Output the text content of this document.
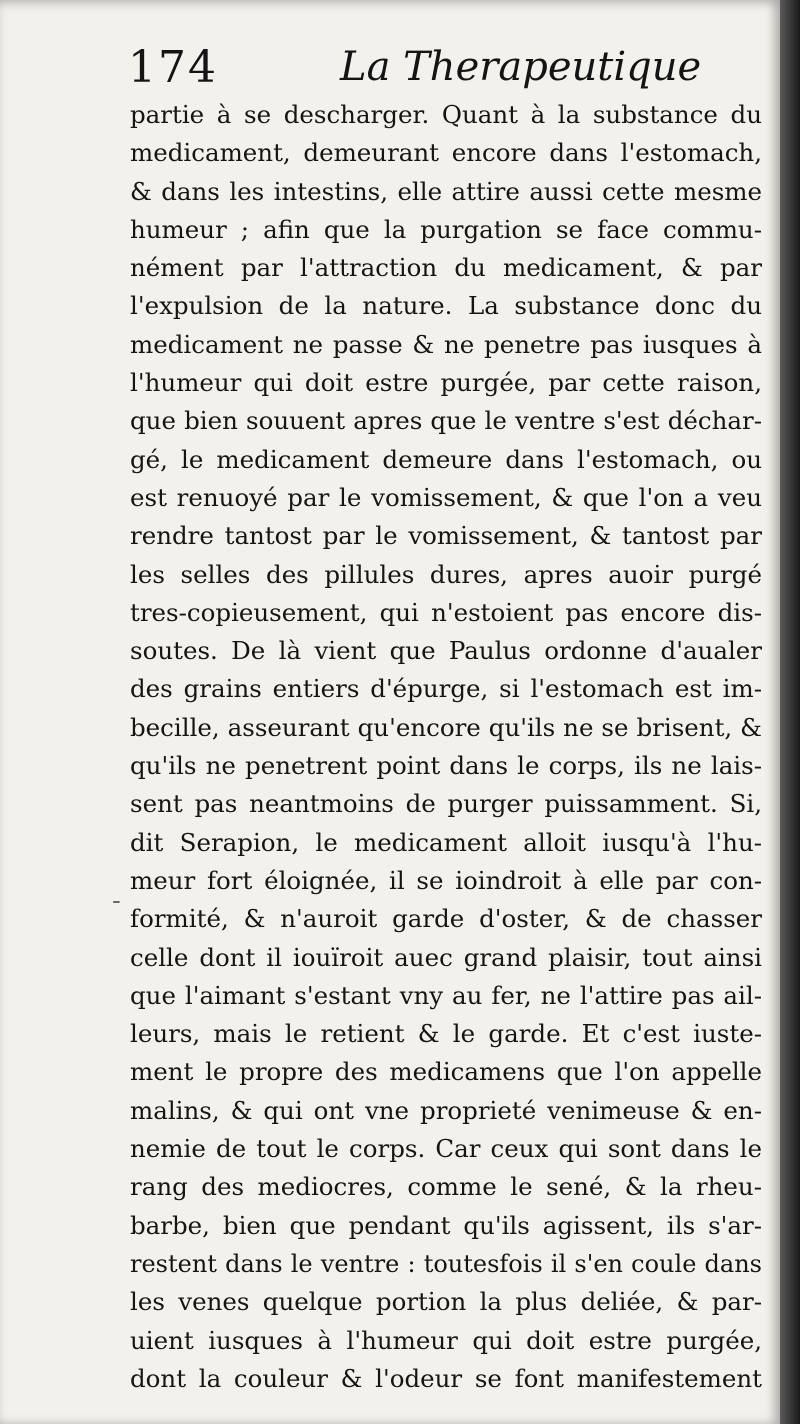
174	La Therapeutique
-
partie à se descharger. Quant à la substance du
medicament, demeurant encore dans l'estomach,
& dans les intestins, elle attire aussi cette mesme
humeur ; afin que la purgation se face commu-
nément par l'attraction du medicament, & par
l'expulsion de la nature. La substance donc du
medicament ne passe & ne penetre pas iusques à
l'humeur qui doit estre purgée, par cette raison,
que bien souuent apres que le ventre s'est déchar-
gé, le medicament demeure dans l'estomach, ou
est renuoyé par le vomissement, & que l'on a veu
rendre tantost par le vomissement, & tantost par
les selles des pillules dures, apres auoir purgé
tres-copieusement, qui n'estoient pas encore dis-
soutes. De là vient que Paulus ordonne d'aualer
des grains entiers d'épurge, si l'estomach est im-
becille, asseurant qu'encore qu'ils ne se brisent, &
qu'ils ne penetrent point dans le corps, ils ne lais-
sent pas neantmoins de purger puissamment. Si,
dit Serapion, le medicament alloit iusqu'à l'hu-
meur fort éloignée, il se ioindroit à elle par con-
formité, & n'auroit garde d'oster, & de chasser
celle dont il iouïroit auec grand plaisir, tout ainsi
que l'aimant s'estant vny au fer, ne l'attire pas ail-
leurs, mais le retient & le garde. Et c'est iuste-
ment le propre des medicamens que l'on appelle
malins, & qui ont vne proprieté venimeuse & en-
nemie de tout le corps. Car ceux qui sont dans le
rang des mediocres, comme le sené, & la rheu-
barbe, bien que pendant qu'ils agissent, ils s'ar-
restent dans le ventre : toutesfois il s'en coule dans
les venes quelque portion la plus deliée, & par-
uient iusques à l'humeur qui doit estre purgée,
dont la couleur & l'odeur se font manifestement
